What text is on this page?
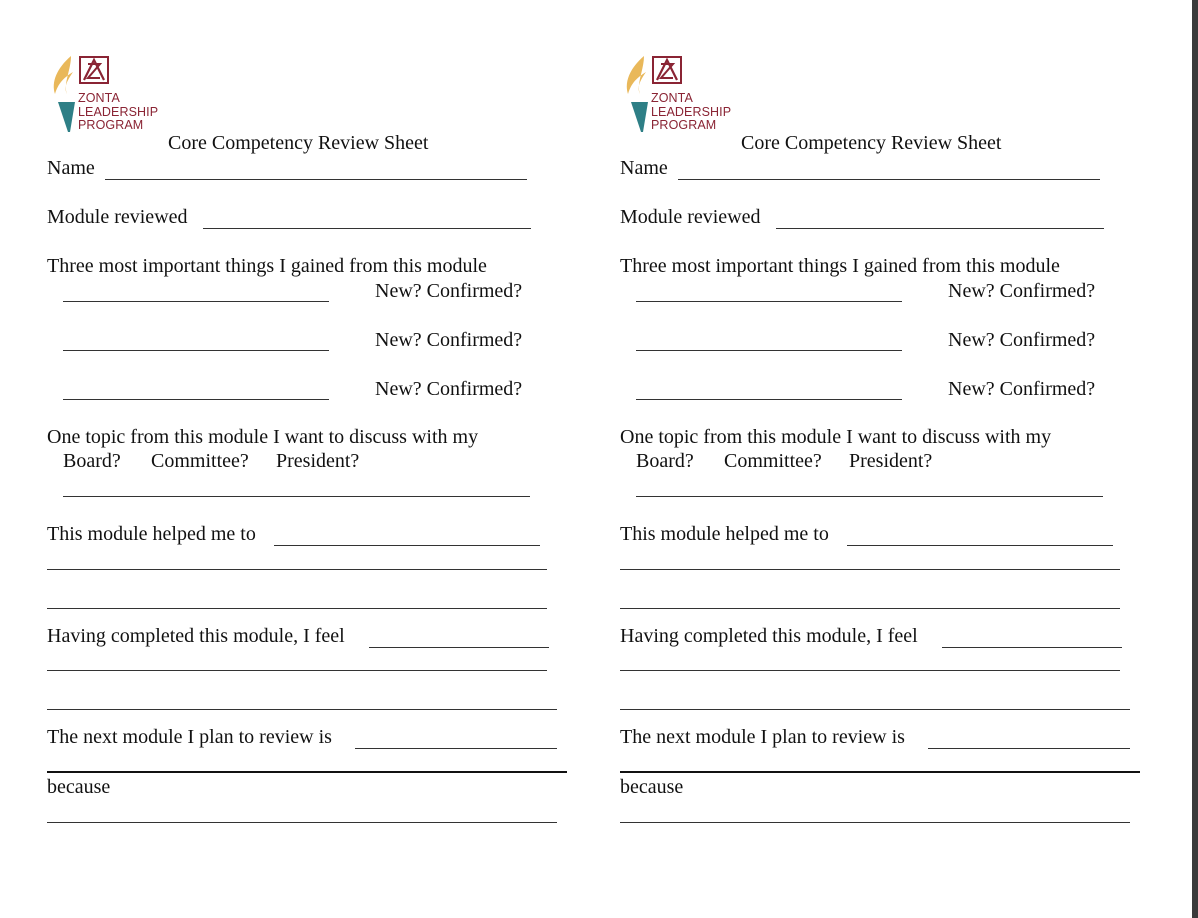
ZONTA
LEADERSHIP
PROGRAM
Core Competency Review Sheet
Name
Module reviewed
Three most important things I gained from this module
New? Confirmed?
New? Confirmed?
New? Confirmed?
One topic from this module I want to discuss with my
Board? Committee? President?
This module helped me to
Having completed this module, I feel
The next module I plan to review is
because
ZONTA
LEADERSHIP
PROGRAM
Core Competency Review Sheet
Name
Module reviewed
Three most important things I gained from this module
New? Confirmed?
New? Confirmed?
New? Confirmed?
One topic from this module I want to discuss with my
Board? Committee? President?
This module helped me to
Having completed this module, I feel
The next module I plan to review is
because
